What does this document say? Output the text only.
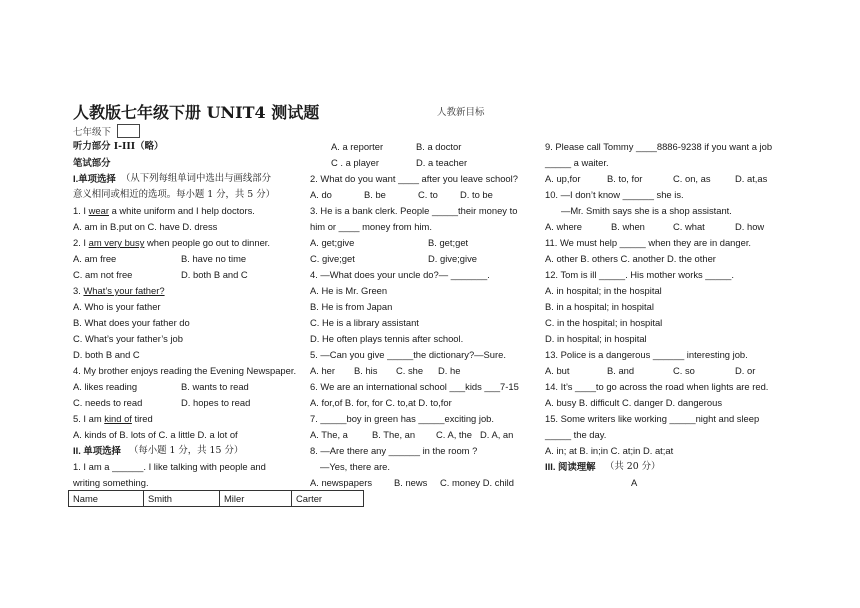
人教版七年级下册 UNIT4 测试题	人教新目标
七年级下
听力部分 I-III（略）
笔试部分
I.单项选择 （从下列每组单词中选出与画线部分
意义相同或相近的选项。每小题 1 分，共 5 分）
1. I wear a white uniform and I help doctors.
A. am in B.put on C. have D. dress
2. I am very busy when people go out to dinner.
A. am free	B. have no time
C. am not free	D. both B and C
3. What’s your father?
A. Who is your father
B. What does your father do
C. What’s your father’s job
D. both B and C
4. My brother enjoys reading the Evening Newspaper.
A. likes reading	B. wants to read
C. needs to read	D. hopes to read
5. I am kind of tired
A. kinds of B. lots of C. a little D. a lot of
II. 单项选择 （每小题 1 分，共 15 分）
1. I am a ______. I like talking with people and
writing something.
Name	Smith	Miler	Carter
A. a reporter	B. a doctor
C . a player	D. a teacher
2. What do you want ____ after you leave school?
A. do	B. be	C. to D. to be
3. He is a bank clerk. People _____their money to
him or ____ money from him.
A. get;give	B. get;get
C. give;get	D. give;give
4. —What does your uncle do?— _______.
A. He is Mr. Green
B. He is from Japan
C. He is a library assistant
D. He often plays tennis after school.
5. —Can you give _____the dictionary?—Sure.
A. her B. his C. she D. he
6. We are an international school ___kids ___7-15
A. for,of B. for, for C. to,at D. to,for
7. _____boy in green has _____exciting job.
A. The, a	B. The, an C. A, the D. A, an
8. —Are there any ______ in the room ?
—Yes, there are.
A. newspapers B. news C. money D. child
9. Please call Tommy ____8886-9238 if you want a job
_____ a waiter.
A. up,for	B. to, for	C. on, as	D. at,as
10. —I don’t know ______ she is.
—Mr. Smith says she is a shop assistant.
A. where	B. when	C. what	D. how
11. We must help _____ when they are in danger.
A. other B. others C. another D. the other
12. Tom is ill _____. His mother works _____.
A. in hospital; in the hospital
B. in a hospital; in hospital
C. in the hospital; in hospital
D. in hospital; in hospital
13. Police is a dangerous ______ interesting job.
A. but	B. and	C. so	D. or
14. It’s ____to go across the road when lights are red.
A. busy B. difficult C. danger D. dangerous
15. Some writers like working _____night and sleep
_____ the day.
A. in; at B. in;in C. at;in D. at;at
III. 阅读理解 （共 20 分）
A
